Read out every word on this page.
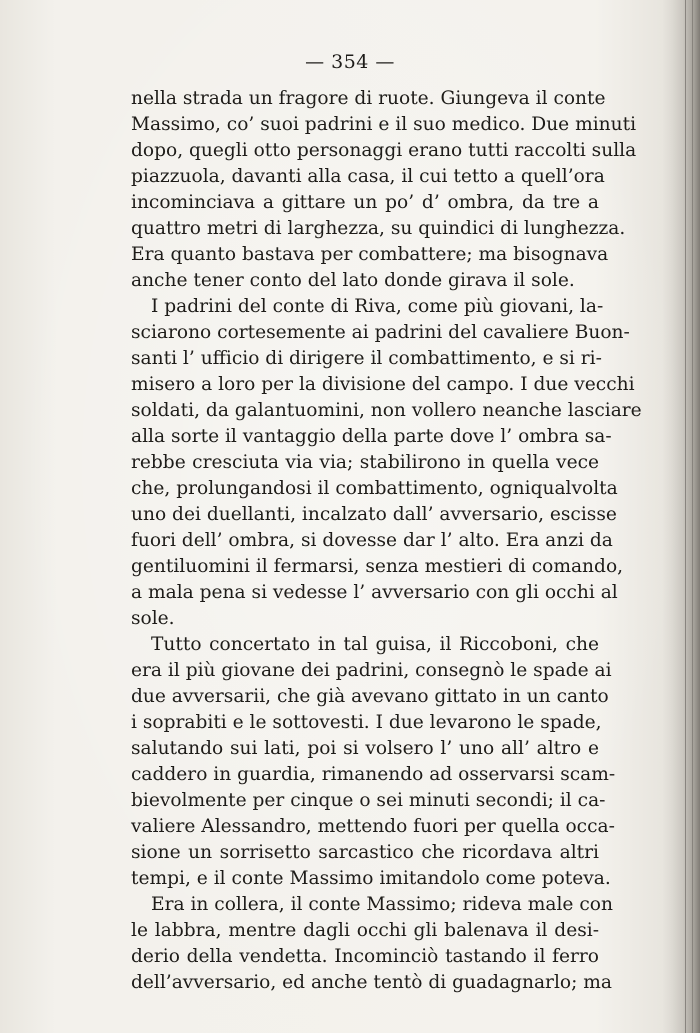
— 354 —

nella strada un fragore di ruote. Giungeva il conte
Massimo, co’ suoi padrini e il suo medico. Due minuti
dopo, quegli otto personaggi erano tutti raccolti sulla
piazzuola, davanti alla casa, il cui tetto a quell’ora
incominciava a gittare un po’ d’ ombra, da tre a
quattro metri di larghezza, su quindici di lunghezza.
Era quanto bastava per combattere; ma bisognava
anche tener conto del lato donde girava il sole.
I padrini del conte di Riva, come più giovani, la-
sciarono cortesemente ai padrini del cavaliere Buon-
santi l’ ufficio di dirigere il combattimento, e si ri-
misero a loro per la divisione del campo. I due vecchi
soldati, da galantuomini, non vollero neanche lasciare
alla sorte il vantaggio della parte dove l’ ombra sa-
rebbe cresciuta via via; stabilirono in quella vece
che, prolungandosi il combattimento, ogniqualvolta
uno dei duellanti, incalzato dall’ avversario, escisse
fuori dell’ ombra, si dovesse dar l’ alto. Era anzi da
gentiluomini il fermarsi, senza mestieri di comando,
a mala pena si vedesse l’ avversario con gli occhi al
sole.
Tutto concertato in tal guisa, il Riccoboni, che
era il più giovane dei padrini, consegnò le spade ai
due avversarii, che già avevano gittato in un canto
i soprabiti e le sottovesti. I due levarono le spade,
salutando sui lati, poi si volsero l’ uno all’ altro e
caddero in guardia, rimanendo ad osservarsi scam-
bievolmente per cinque o sei minuti secondi; il ca-
valiere Alessandro, mettendo fuori per quella occa-
sione un sorrisetto sarcastico che ricordava altri
tempi, e il conte Massimo imitandolo come poteva.
Era in collera, il conte Massimo; rideva male con
le labbra, mentre dagli occhi gli balenava il desi-
derio della vendetta. Incominciò tastando il ferro
dell’avversario, ed anche tentò di guadagnarlo; ma
